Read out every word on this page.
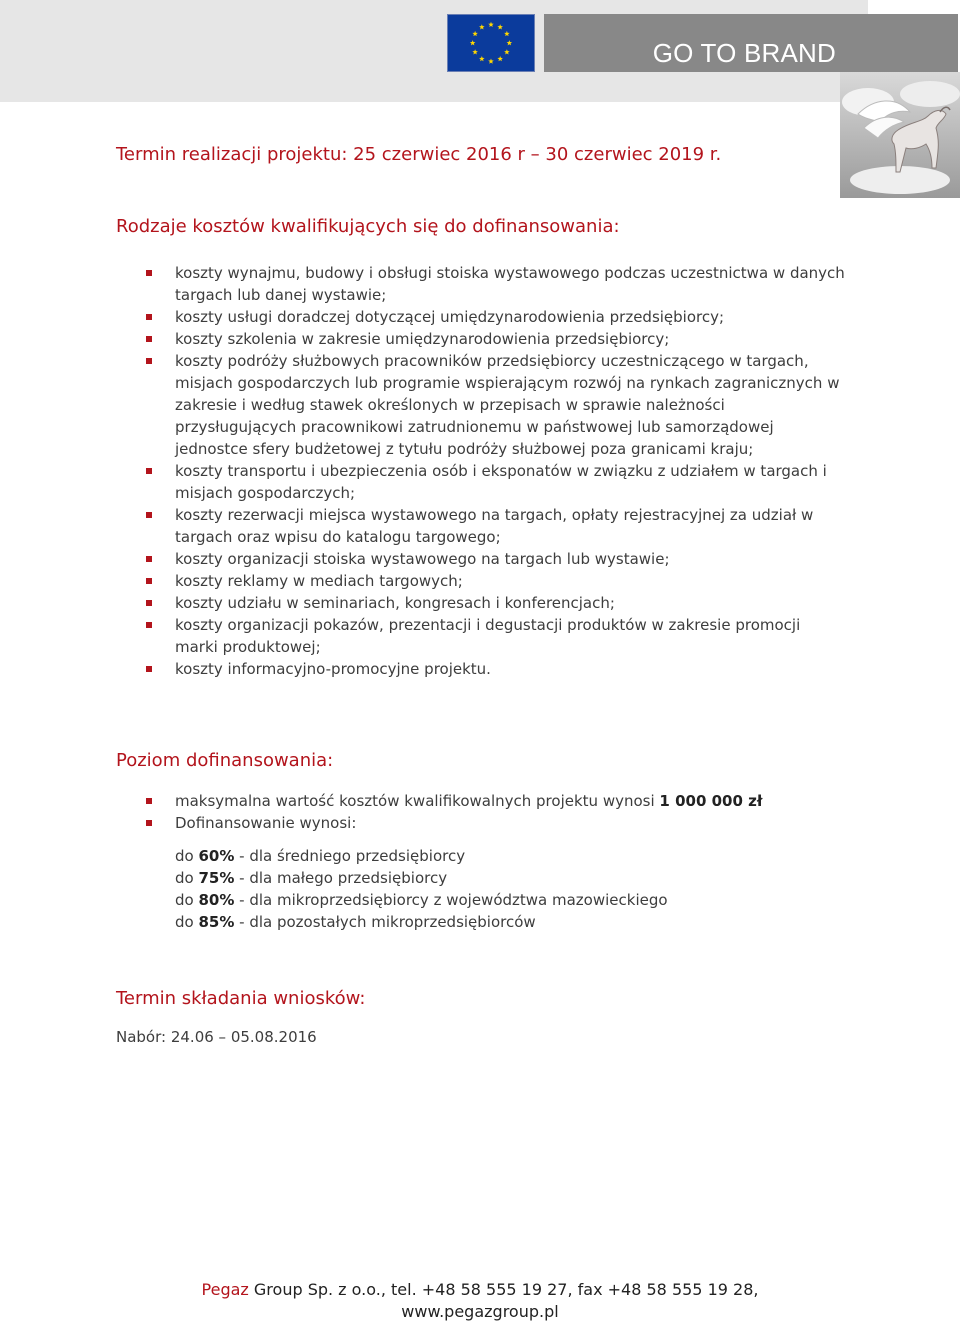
GO TO BRAND
Termin realizacji projektu: 25 czerwiec 2016 r – 30 czerwiec 2019 r.
Rodzaje kosztów kwalifikujących się do dofinansowania:
koszty wynajmu, budowy i obsługi stoiska wystawowego podczas uczestnictwa w danych targach lub danej wystawie;
koszty usługi doradczej dotyczącej umiędzynarodowienia przedsiębiorcy;
koszty szkolenia w zakresie umiędzynarodowienia przedsiębiorcy;
koszty podróży służbowych pracowników przedsiębiorcy uczestniczącego w targach, misjach gospodarczych lub programie wspierającym rozwój na rynkach zagranicznych w zakresie i według stawek określonych w przepisach w sprawie należności przysługujących pracownikowi zatrudnionemu w państwowej lub samorządowej jednostce sfery budżetowej z tytułu podróży służbowej poza granicami kraju;
koszty transportu i ubezpieczenia osób i eksponatów w związku z udziałem w targach i misjach gospodarczych;
koszty rezerwacji miejsca wystawowego na targach, opłaty rejestracyjnej za udział w targach oraz wpisu do katalogu targowego;
koszty organizacji stoiska wystawowego na targach lub wystawie;
koszty reklamy w mediach targowych;
koszty udziału w seminariach, kongresach i konferencjach;
koszty organizacji pokazów, prezentacji i degustacji produktów w zakresie promocji marki produktowej;
koszty informacyjno-promocyjne projektu.
Poziom dofinansowania:
maksymalna wartość kosztów kwalifikowalnych projektu wynosi 1 000 000 zł
Dofinansowanie wynosi:
do 60% - dla średniego przedsiębiorcy
do 75% - dla małego przedsiębiorcy
do 80% - dla mikroprzedsiębiorcy z województwa mazowieckiego
do 85% - dla pozostałych mikroprzedsiębiorców
Termin składania wniosków:
Nabór: 24.06 – 05.08.2016
Pegaz Group Sp. z o.o., tel. +48 58 555 19 27, fax +48 58 555 19 28,
www.pegazgroup.pl
